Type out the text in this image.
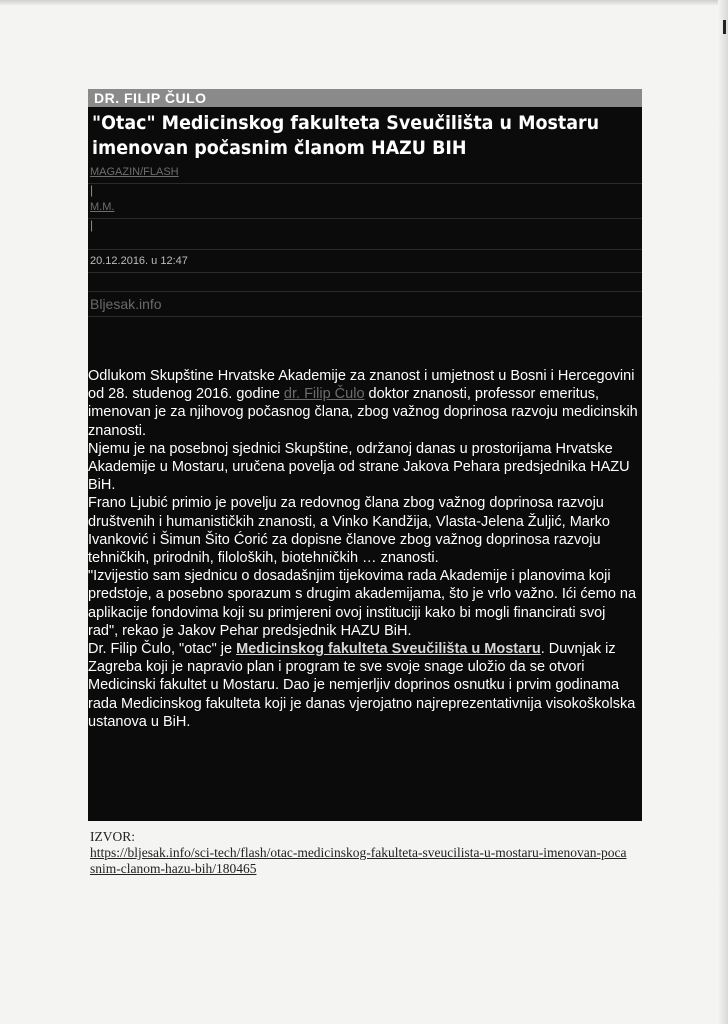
DR. FILIP ČULO
"Otac" Medicinskog fakulteta Sveučilišta u Mostaru imenovan počasnim članom HAZU BIH
MAGAZIN/FLASH
|
M.M.
|
20.12.2016. u 12:47
Bljesak.info

Odlukom Skupštine Hrvatske Akademije za znanost i umjetnost u Bosni i Hercegovini od 28. studenog 2016. godine dr. Filip Čulo doktor znanosti, professor emeritus, imenovan je za njihovog počasnog člana, zbog važnog doprinosa razvoju medicinskih znanosti.

Njemu je na posebnoj sjednici Skupštine, održanoj danas u prostorijama Hrvatske Akademije u Mostaru, uručena povelja od strane Jakova Pehara predsjednika HAZU BiH.

Frano Ljubić primio je povelju za redovnog člana zbog važnog doprinosa razvoju društvenih i humanističkih znanosti, a Vinko Kandžija, Vlasta-Jelena Žuljić, Marko Ivanković i Šimun Šito Ćorić za dopisne članove zbog važnog doprinosa razvoju tehničkih, prirodnih, filoloških, biotehničkih … znanosti.

"Izvijestio sam sjednicu o dosadašnjim tijekovima rada Akademije i planovima koji predstoje, a posebno sporazum s drugim akademijama, što je vrlo važno. Ići ćemo na aplikacije fondovima koji su primjereni ovoj instituciji kako bi mogli financirati svoj rad", rekao je Jakov Pehar predsjednik HAZU BiH.

Dr. Filip Čulo, "otac" je Medicinskog fakulteta Sveučilišta u Mostaru. Duvnjak iz Zagreba koji je napravio plan i program te sve svoje snage uložio da se otvori Medicinski fakultet u Mostaru. Dao je nemjerljiv doprinos osnutku i prvim godinama rada Medicinskog fakulteta koji je danas vjerojatno najreprezentativnija visokoškolska ustanova u BiH.

IZVOR:
https://bljesak.info/sci-tech/flash/otac-medicinskog-fakulteta-sveucilista-u-mostaru-imenovan-pocasnim-clanom-hazu-bih/180465
